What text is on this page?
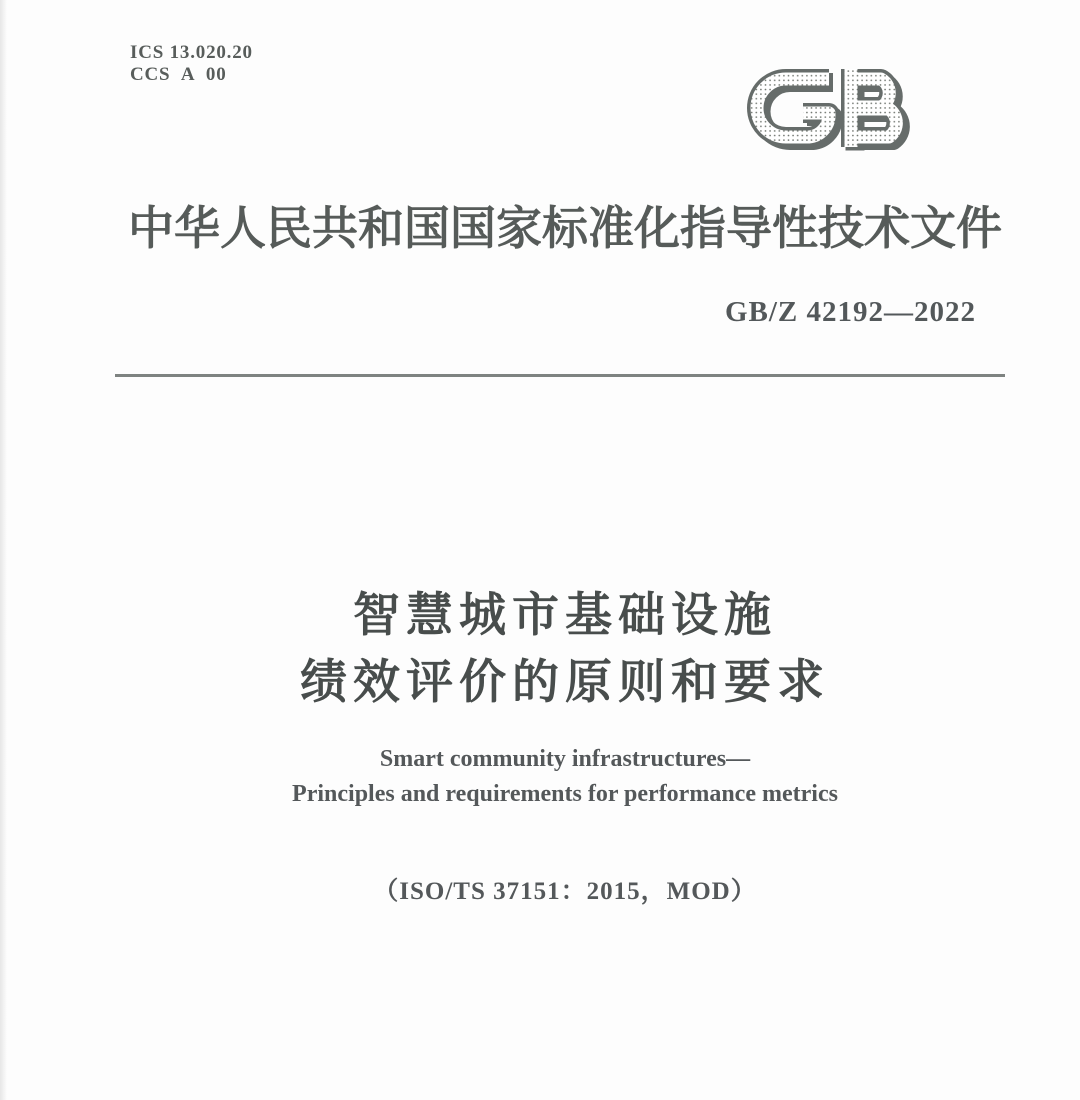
ICS 13.020.20
CCS A 00
中华人民共和国国家标准化指导性技术文件
GB/Z 42192—2022
智慧城市基础设施
绩效评价的原则和要求
Smart community infrastructures—
Principles and requirements for performance metrics
（ISO/TS 37151：2015，MOD）
